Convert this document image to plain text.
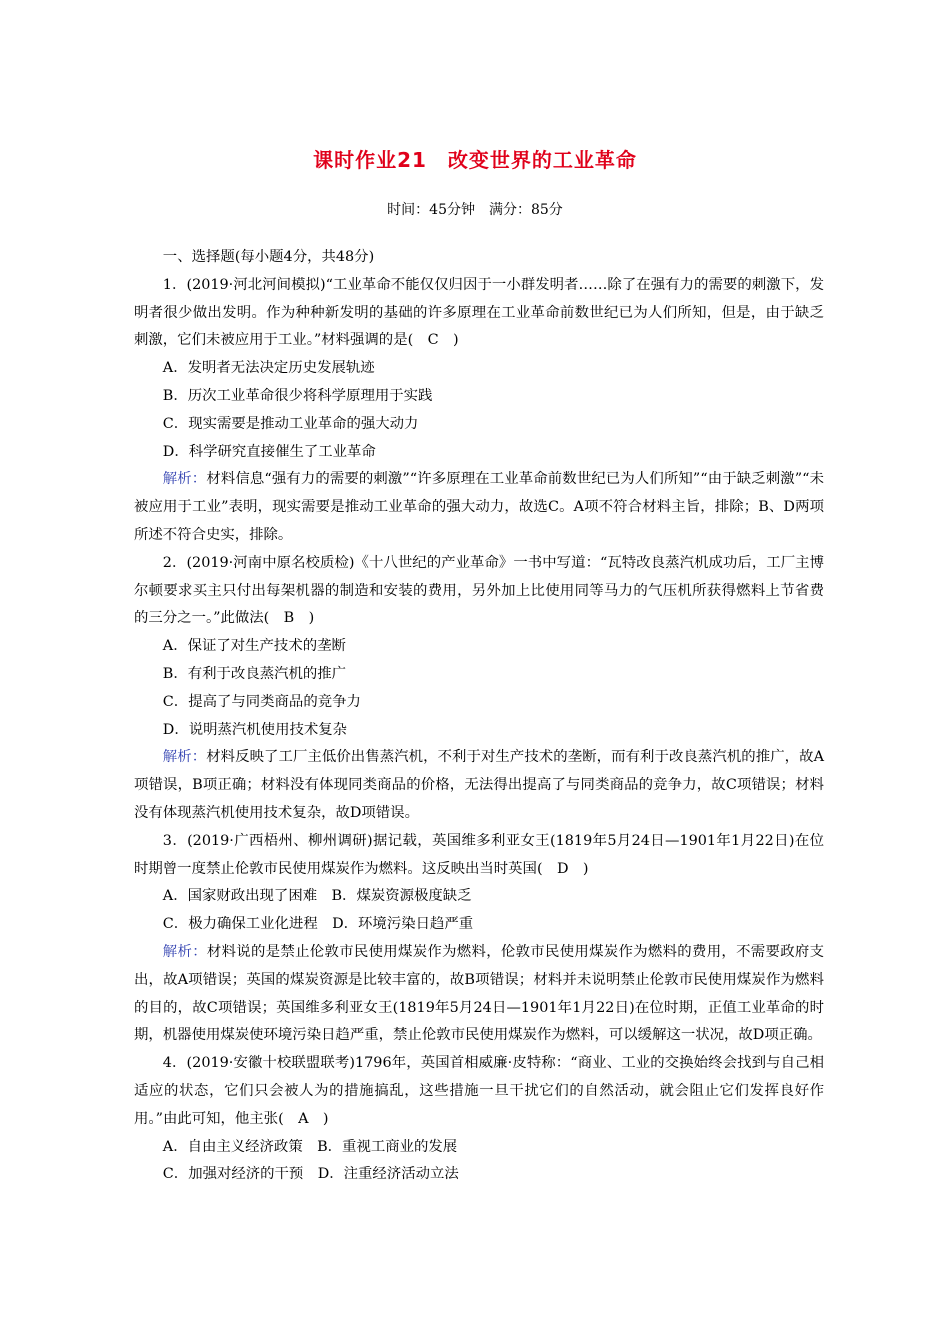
课时作业21　改变世界的工业革命
时间：45分钟　满分：85分

一、选择题(每小题4分，共48分)

1．(2019·河北河间模拟)“工业革命不能仅仅归因于一小群发明者……除了在强有力的需要的刺激下，发明者很少做出发明。作为种种新发明的基础的许多原理在工业革命前数世纪已为人们所知，但是，由于缺乏刺激，它们未被应用于工业。”材料强调的是(　C　)

A．发明者无法决定历史发展轨迹

B．历次工业革命很少将科学原理用于实践

C．现实需要是推动工业革命的强大动力

D．科学研究直接催生了工业革命

解析：材料信息“强有力的需要的刺激”“许多原理在工业革命前数世纪已为人们所知”“由于缺乏刺激”“未被应用于工业”表明，现实需要是推动工业革命的强大动力，故选C。A项不符合材料主旨，排除；B、D两项所述不符合史实，排除。

2．(2019·河南中原名校质检)《十八世纪的产业革命》一书中写道：“瓦特改良蒸汽机成功后，工厂主博尔顿要求买主只付出每架机器的制造和安装的费用，另外加上比使用同等马力的气压机所获得燃料上节省费的三分之一。”此做法(　B　)

A．保证了对生产技术的垄断

B．有利于改良蒸汽机的推广

C．提高了与同类商品的竞争力

D．说明蒸汽机使用技术复杂

解析：材料反映了工厂主低价出售蒸汽机，不利于对生产技术的垄断，而有利于改良蒸汽机的推广，故A项错误，B项正确；材料没有体现同类商品的价格，无法得出提高了与同类商品的竞争力，故C项错误；材料没有体现蒸汽机使用技术复杂，故D项错误。

3．(2019·广西梧州、柳州调研)据记载，英国维多利亚女王(1819年5月24日—1901年1月22日)在位时期曾一度禁止伦敦市民使用煤炭作为燃料。这反映出当时英国(　D　)

A．国家财政出现了困难　B．煤炭资源极度缺乏

C．极力确保工业化进程　D．环境污染日趋严重

解析：材料说的是禁止伦敦市民使用煤炭作为燃料，伦敦市民使用煤炭作为燃料的费用，不需要政府支出，故A项错误；英国的煤炭资源是比较丰富的，故B项错误；材料并未说明禁止伦敦市民使用煤炭作为燃料的目的，故C项错误；英国维多利亚女王(1819年5月24日—1901年1月22日)在位时期，正值工业革命的时期，机器使用煤炭使环境污染日趋严重，禁止伦敦市民使用煤炭作为燃料，可以缓解这一状况，故D项正确。

4．(2019·安徽十校联盟联考)1796年，英国首相威廉·皮特称：“商业、工业的交换始终会找到与自己相适应的状态，它们只会被人为的措施搞乱，这些措施一旦干扰它们的自然活动，就会阻止它们发挥良好作用。”由此可知，他主张(　A　)

A．自由主义经济政策　B．重视工商业的发展

C．加强对经济的干预　D．注重经济活动立法
